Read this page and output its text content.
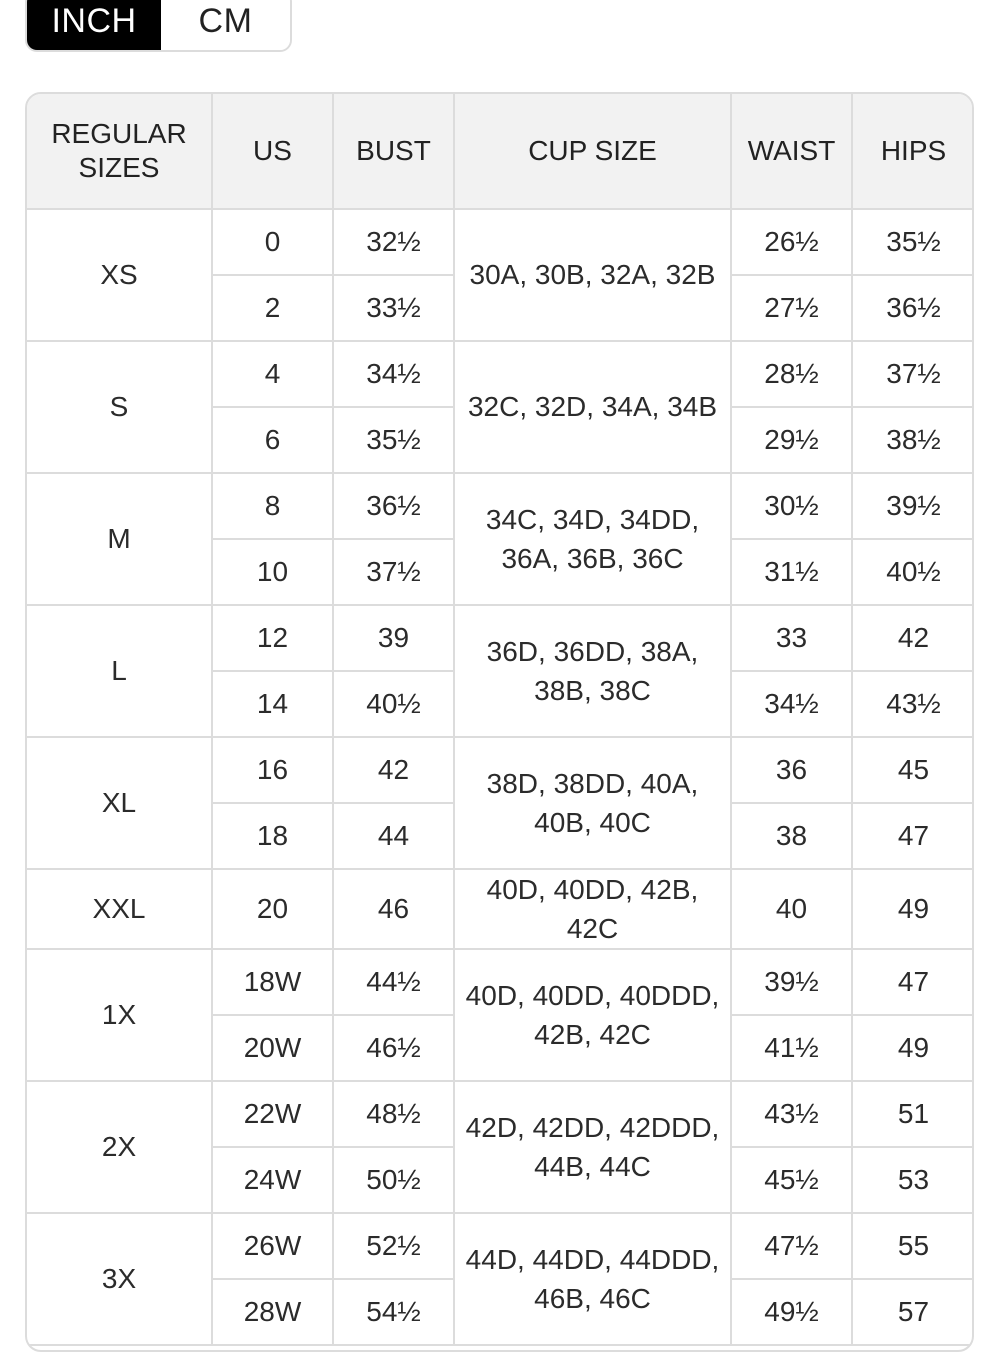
INCH	CM
REGULAR SIZES	US	BUST	CUP SIZE	WAIST	HIPS
XS	0	32½	30A, 30B, 32A, 32B	26½	35½
	2	33½		27½	36½
S	4	34½	32C, 32D, 34A, 34B	28½	37½
	6	35½		29½	38½
M	8	36½	34C, 34D, 34DD, 36A, 36B, 36C	30½	39½
	10	37½		31½	40½
L	12	39	36D, 36DD, 38A, 38B, 38C	33	42
	14	40½		34½	43½
XL	16	42	38D, 38DD, 40A, 40B, 40C	36	45
	18	44		38	47
XXL	20	46	40D, 40DD, 42B, 42C	40	49
1X	18W	44½	40D, 40DD, 40DDD, 42B, 42C	39½	47
	20W	46½		41½	49
2X	22W	48½	42D, 42DD, 42DDD, 44B, 44C	43½	51
	24W	50½		45½	53
3X	26W	52½	44D, 44DD, 44DDD, 46B, 46C	47½	55
	28W	54½		49½	57
